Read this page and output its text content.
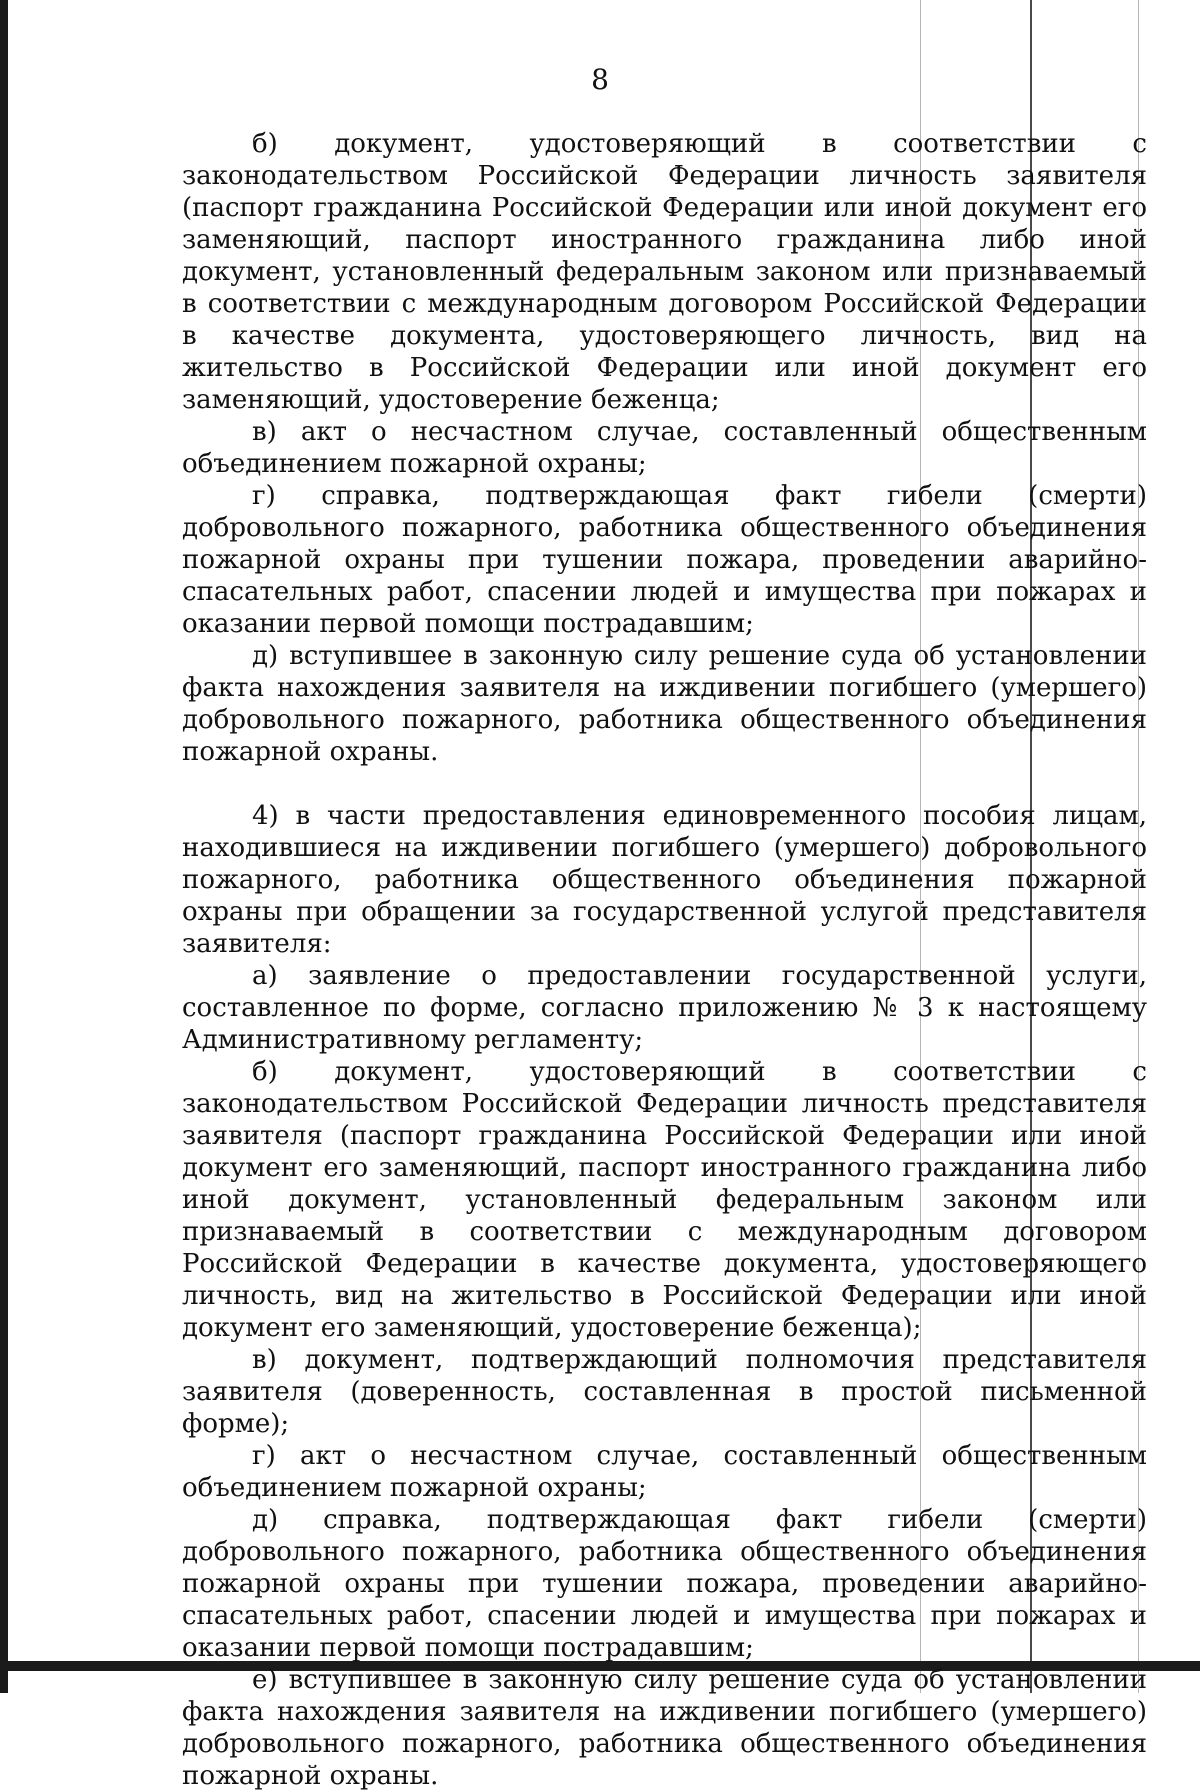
8

б) документ, удостоверяющий в соответствии с законодательством Российской Федерации личность заявителя (паспорт гражданина Российской Федерации или иной документ его заменяющий, паспорт иностранного гражданина либо иной документ, установленный федеральным законом или признаваемый в соответствии с международным договором Российской Федерации в качестве документа, удостоверяющего личность, вид на жительство в Российской Федерации или иной документ его заменяющий, удостоверение беженца;

в) акт о несчастном случае, составленный общественным объединением пожарной охраны;

г) справка, подтверждающая факт гибели (смерти) добровольного пожарного, работника общественного объединения пожарной охраны при тушении пожара, проведении аварийно-спасательных работ, спасении людей и имущества при пожарах и оказании первой помощи пострадавшим;

д) вступившее в законную силу решение суда об установлении факта нахождения заявителя на иждивении погибшего (умершего) добровольного пожарного, работника общественного объединения пожарной охраны.

4) в части предоставления единовременного пособия лицам, находившиеся на иждивении погибшего (умершего) добровольного пожарного, работника общественного объединения пожарной охраны при обращении за государственной услугой представителя заявителя:

а) заявление о предоставлении государственной услуги, составленное по форме, согласно приложению № 3 к настоящему Административному регламенту;

б) документ, удостоверяющий в соответствии с законодательством Российской Федерации личность представителя заявителя (паспорт гражданина Российской Федерации или иной документ его заменяющий, паспорт иностранного гражданина либо иной документ, установленный федеральным законом или признаваемый в соответствии с международным договором Российской Федерации в качестве документа, удостоверяющего личность, вид на жительство в Российской Федерации или иной документ его заменяющий, удостоверение беженца);

в) документ, подтверждающий полномочия представителя заявителя (доверенность, составленная в простой письменной форме);

г) акт о несчастном случае, составленный общественным объединением пожарной охраны;

д) справка, подтверждающая факт гибели (смерти) добровольного пожарного, работника общественного объединения пожарной охраны при тушении пожара, проведении аварийно-спасательных работ, спасении людей и имущества при пожарах и оказании первой помощи пострадавшим;

е) вступившее в законную силу решение суда об установлении факта нахождения заявителя на иждивении погибшего (умершего) добровольного пожарного, работника общественного объединения пожарной охраны.
